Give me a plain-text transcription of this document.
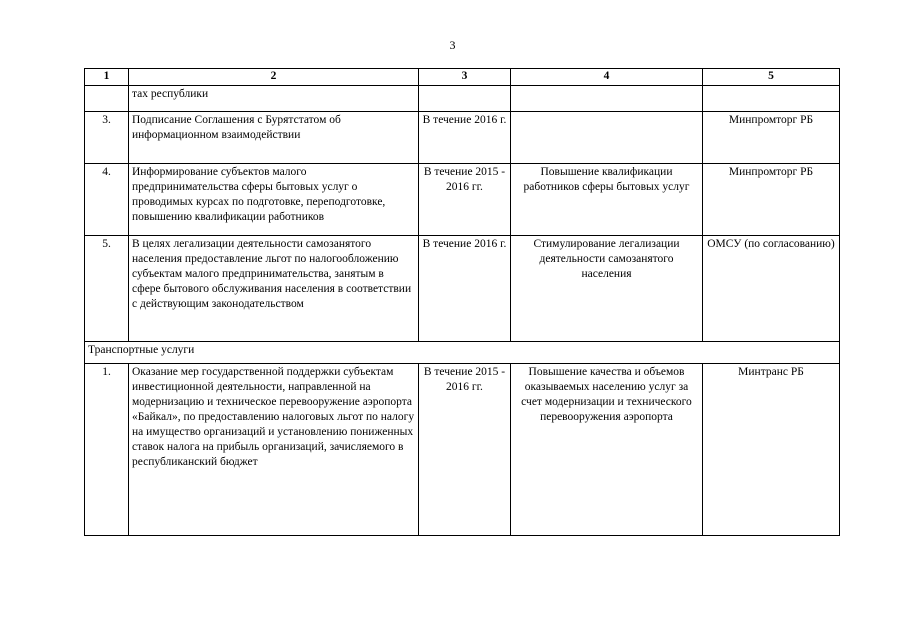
3
1	2	3	4	5
	тах республики			
3.	Подписание Соглашения с Бурятстатом об информационном взаимодействии	В течение 2016 г.		Минпромторг РБ
4.	Информирование субъектов малого предпринимательства сферы бытовых услуг о проводимых курсах по подготовке, переподготовке, повышению квалификации работников	В течение 2015 - 2016 гг.	Повышение квалификации работников сферы бытовых услуг	Минпромторг РБ
5.	В целях легализации деятельности самозанятого населения предоставление льгот по налогообложению субъектам малого предпринимательства, занятым в сфере бытового обслуживания населения в соответствии с действующим законодательством	В течение 2016 г.	Стимулирование легализации деятельности самозанятого населения	ОМСУ (по согласованию)
Транспортные услуги				
1.	Оказание мер государственной поддержки субъектам инвестиционной деятельности, направленной на модернизацию и техническое перевооружение аэропорта «Байкал», по предоставлению налоговых льгот по налогу на имущество организаций и установлению пониженных ставок налога на прибыль организаций, зачисляемого в республиканский бюджет	В течение 2015 - 2016 гг.	Повышение качества и объемов оказываемых населению услуг за счет модернизации и технического перевооружения аэропорта	Минтранс РБ
